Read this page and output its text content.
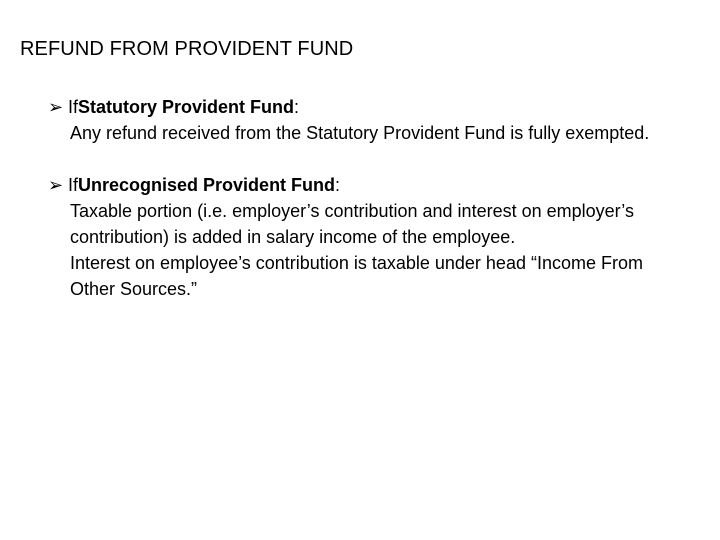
REFUND FROM PROVIDENT FUND
➢ If Statutory Provident Fund :
Any refund received from the Statutory Provident Fund is fully exempted.
➢ If Unrecognised Provident Fund :
Taxable portion (i.e. employer’s contribution and interest on employer’s contribution) is added in salary income of the employee.
Interest on employee’s contribution is taxable under head “Income From Other Sources.”
